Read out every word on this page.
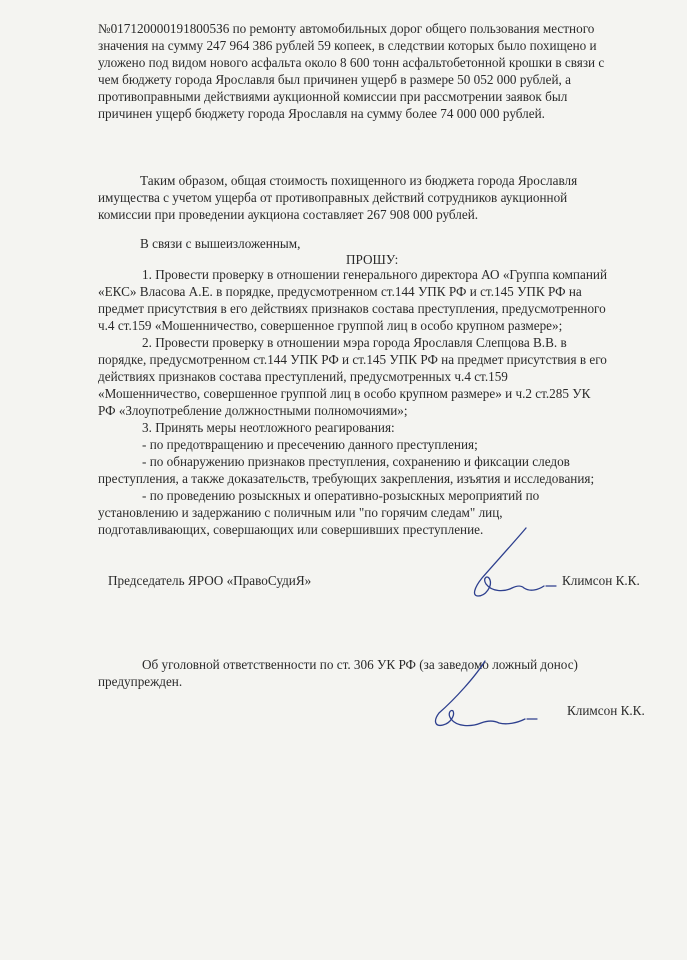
№0171200001918005З6 по ремонту автомобильных дорог общего пользования местного
значения на сумму 247 964 386 рублей 59 копеек, в следствии которых было похищено и
уложено под видом нового асфальта около 8 600 тонн асфальтобетонной крошки в связи с
чем бюджету города Ярославля был причинен ущерб в размере 50 052 000 рублей, а
противоправными действиями аукционной комиссии при рассмотрении заявок был
причинен ущерб бюджету города Ярославля на сумму более 74 000 000 рублей.
Таким образом, общая стоимость похищенного из бюджета города Ярославля
имущества с учетом ущерба от противоправных действий сотрудников аукционной
комиссии при проведении аукциона составляет 267 908 000 рублей.
В связи с вышеизложенным,
ПРОШУ:
1. Провести проверку в отношении генерального директора АО «Группа компаний
«ЕКС» Власова А.Е. в порядке, предусмотренном ст.144 УПК РФ и ст.145 УПК РФ на
предмет присутствия в его действиях признаков состава преступления, предусмотренного
ч.4 ст.159 «Мошенничество, совершенное группой лиц в особо крупном размере»;
2. Провести проверку в отношении мэра города Ярославля Слепцова В.В. в
порядке, предусмотренном ст.144 УПК РФ и ст.145 УПК РФ на предмет присутствия в его
действиях признаков состава преступлений, предусмотренных ч.4 ст.159
«Мошенничество, совершенное группой лиц в особо крупном размере» и ч.2 ст.285 УК
РФ «Злоупотребление должностными полномочиями»;
3. Принять меры неотложного реагирования:
- по предотвращению и пресечению данного преступления;
- по обнаружению признаков преступления, сохранению и фиксации следов
преступления, а также доказательств, требующих закрепления, изъятия и исследования;
- по проведению розыскных и оперативно-розыскных мероприятий по
установлению и задержанию с поличным или "по горячим следам" лиц,
подготавливающих, совершающих или совершивших преступление.
Председатель ЯРОО «ПравоСудиЯ»	Климсон К.К.
Об уголовной ответственности по ст. 306 УК РФ (за заведомо ложный донос)
предупрежден.
Климсон К.К.
